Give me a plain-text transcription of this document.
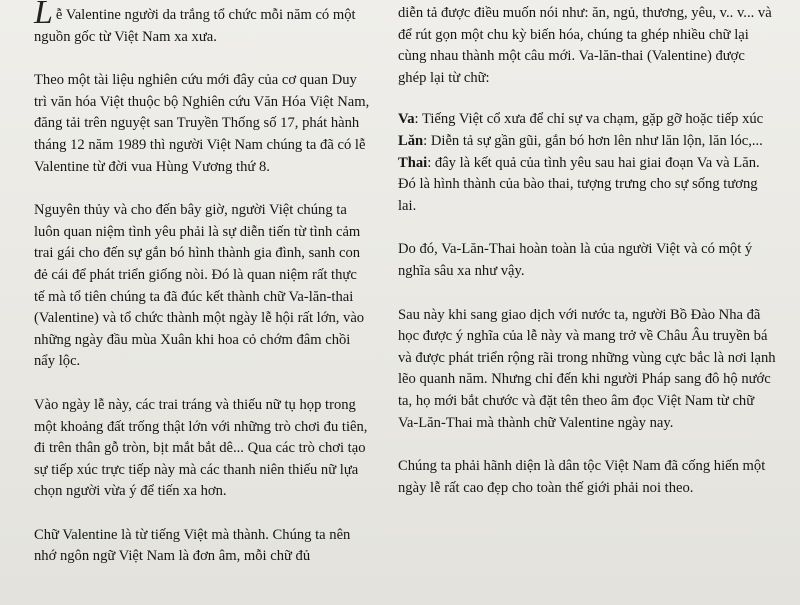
Lễ Valentine người da trắng tổ chức mỗi năm có một nguồn gốc từ Việt Nam xa xưa.

Theo một tài liệu nghiên cứu mới đây của cơ quan Duy trì văn hóa Việt thuộc bộ Nghiên cứu Văn Hóa Việt Nam, đăng tải trên nguyệt san Truyền Thống số 17, phát hành tháng 12 năm 1989 thì người Việt Nam chúng ta đã có lễ Valentine từ đời vua Hùng Vương thứ 8.

Nguyên thủy và cho đến bây giờ, người Việt chúng ta luôn quan niệm tình yêu phải là sự diễn tiến từ tình cảm trai gái cho đến sự gắn bó hình thành gia đình, sanh con đẻ cái để phát triển giống nòi. Đó là quan niệm rất thực tế mà tổ tiên chúng ta đã đúc kết thành chữ Va-lăn-thai (Valentine) và tổ chức thành một ngày lễ hội rất lớn, vào những ngày đầu mùa Xuân khi hoa cỏ chớm đâm chồi nẩy lộc.

Vào ngày lễ này, các trai tráng và thiếu nữ tụ họp trong một khoảng đất trống thật lớn với những trò chơi đu tiên, đi trên thân gỗ tròn, bịt mắt bắt dê... Qua các trò chơi tạo sự tiếp xúc trực tiếp này mà các thanh niên thiếu nữ lựa chọn người vừa ý để tiến xa hơn.

Chữ Valentine là từ tiếng Việt mà thành. Chúng ta nên nhớ ngôn ngữ Việt Nam là đơn âm, mỗi chữ đủ

diễn tả được điều muốn nói như: ăn, ngủ, thương, yêu, v.. v... và để rút gọn một chu kỳ biến hóa, chúng ta ghép nhiều chữ lại cùng nhau thành một câu mới. Va-lăn-thai (Valentine) được ghép lại từ chữ:

Va: Tiếng Việt cổ xưa để chỉ sự va chạm, gặp gỡ hoặc tiếp xúc

Lăn: Diễn tả sự gần gũi, gắn bó hơn lên như lăn lộn, lăn lóc,...

Thai: đây là kết quả của tình yêu sau hai giai đoạn Va và Lăn. Đó là hình thành của bào thai, tượng trưng cho sự sống tương lai.

Do đó, Va-Lăn-Thai hoàn toàn là của người Việt và có một ý nghĩa sâu xa như vậy.

Sau này khi sang giao dịch với nước ta, người Bồ Đào Nha đã học được ý nghĩa của lễ này và mang trở về Châu Âu truyền bá và được phát triển rộng rãi trong những vùng cực bắc là nơi lạnh lẽo quanh năm. Nhưng chỉ đến khi người Pháp sang đô hộ nước ta, họ mới bắt chước và đặt tên theo âm đọc Việt Nam từ chữ Va-Lăn-Thai mà thành chữ Valentine ngày nay.

Chúng ta phải hãnh diện là dân tộc Việt Nam đã cống hiến một ngày lễ rất cao đẹp cho toàn thế giới phải noi theo.
